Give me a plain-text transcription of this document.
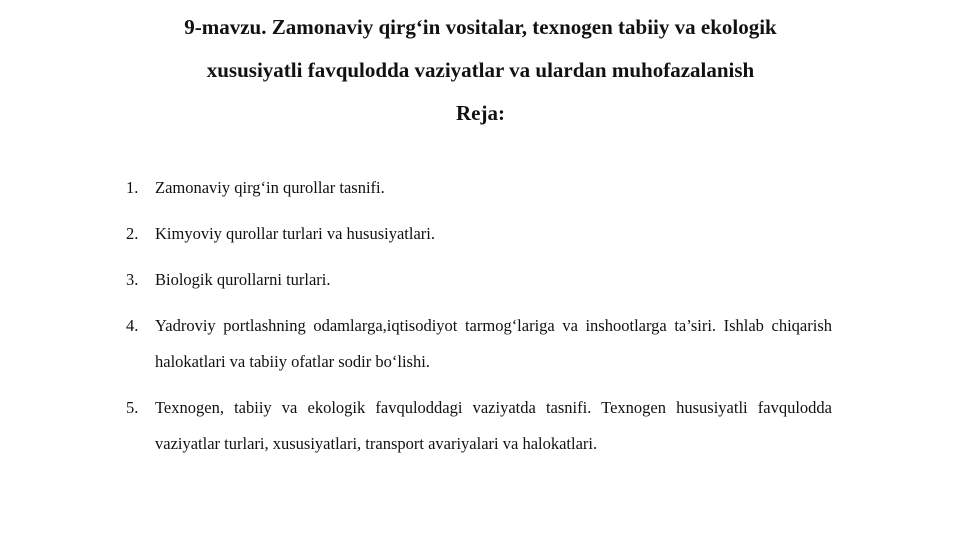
9-mavzu. Zamonaviy qirg‘in vositalar, texnogen tabiiy va ekologik
xususiyatli favqulodda vaziyatlar va ulardan muhofazalanish
Reja:
1.	Zamonaviy qirg‘in qurollar tasnifi.
2.	Kimyoviy qurollar turlari va hususiyatlari.
3.	Biologik qurollarni turlari.
4.	Yadroviy portlashning odamlarga,iqtisodiyot tarmog‘lariga va inshootlarga ta’siri. Ishlab chiqarish halokatlari va tabiiy ofatlar sodir bo‘lishi.
5.	Texnogen, tabiiy va ekologik favquloddagi vaziyatda tasnifi. Texnogen hususiyatli favqulodda vaziyatlar turlari, xususiyatlari, transport avariyalari va halokatlari.
